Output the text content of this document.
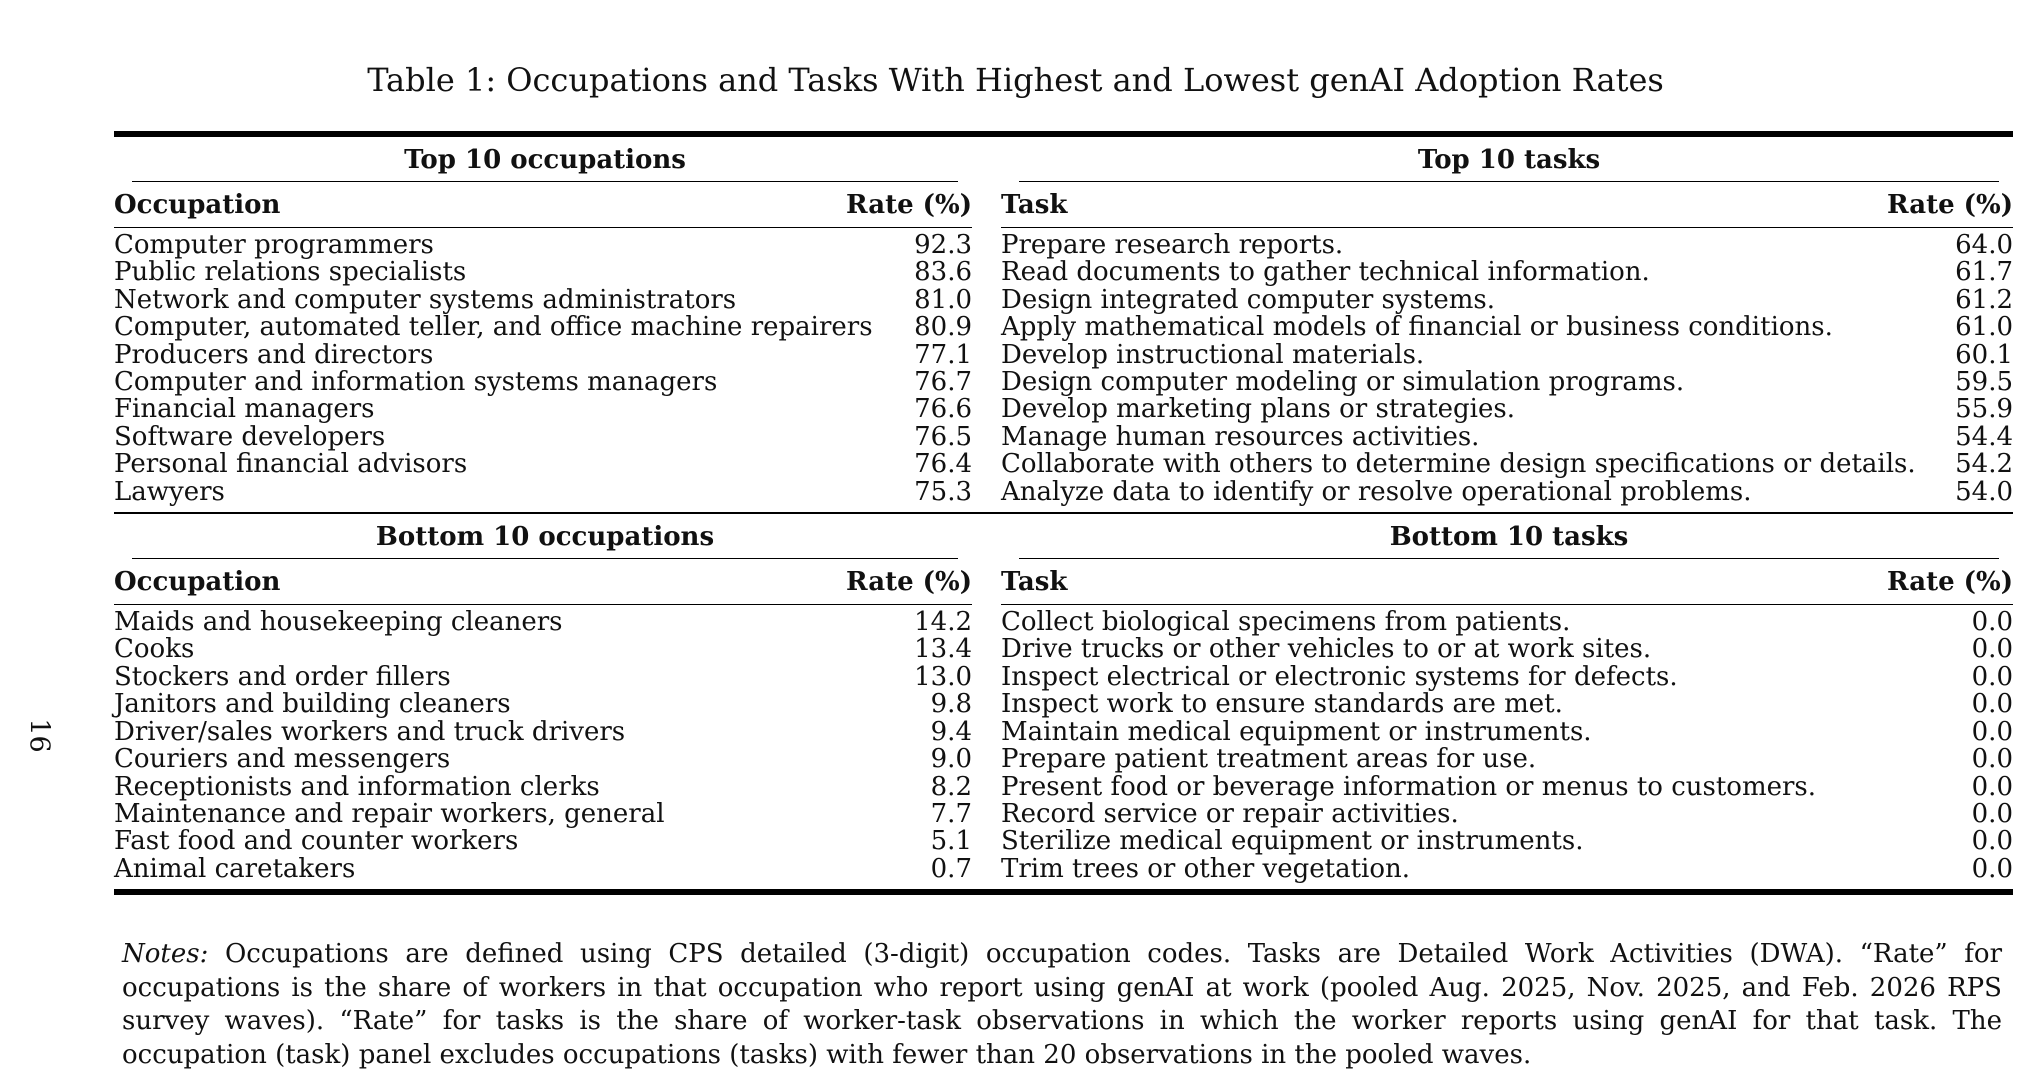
16
Table 1: Occupations and Tasks With Highest and Lowest genAI Adoption Rates
Top 10 occupations
Occupation	Rate (%)
Computer programmers	92.3
Public relations specialists	83.6
Network and computer systems administrators	81.0
Computer, automated teller, and office machine repairers 80.9
Producers and directors	77.1
Computer and information systems managers	76.7
Financial managers	76.6
Software developers	76.5
Personal financial advisors	76.4
Lawyers	75.3
Top 10 tasks
Task	Rate (%)
Prepare research reports.	64.0
Read documents to gather technical information.	61.7
Design integrated computer systems.	61.2
Apply mathematical models of financial or business conditions.	61.0
Develop instructional materials.	60.1
Design computer modeling or simulation programs.	59.5
Develop marketing plans or strategies.	55.9
Manage human resources activities.	54.4
Collaborate with others to determine design specifications or details. 54.2
Analyze data to identify or resolve operational problems.	54.0
Bottom 10 occupations
Occupation	Rate (%)
Maids and housekeeping cleaners	14.2
Cooks	13.4
Stockers and order fillers	13.0
Janitors and building cleaners	9.8
Driver/sales workers and truck drivers	9.4
Couriers and messengers	9.0
Receptionists and information clerks	8.2
Maintenance and repair workers, general	7.7
Fast food and counter workers	5.1
Animal caretakers	0.7
Bottom 10 tasks
Task	Rate (%)
Collect biological specimens from patients.	0.0
Drive trucks or other vehicles to or at work sites.	0.0
Inspect electrical or electronic systems for defects.	0.0
Inspect work to ensure standards are met.	0.0
Maintain medical equipment or instruments.	0.0
Prepare patient treatment areas for use.	0.0
Present food or beverage information or menus to customers.	0.0
Record service or repair activities.	0.0
Sterilize medical equipment or instruments.	0.0
Trim trees or other vegetation.	0.0
Notes: Occupations are defined using CPS detailed (3-digit) occupation codes. Tasks are Detailed Work Activities (DWA). “Rate” for occupations is the share of workers in that occupation who report using genAI at work (pooled Aug. 2025, Nov. 2025, and Feb. 2026 RPS survey waves). “Rate” for tasks is the share of worker-task observations in which the worker reports using genAI for that task. The occupation (task) panel excludes occupations (tasks) with fewer than 20 observations in the pooled waves.
